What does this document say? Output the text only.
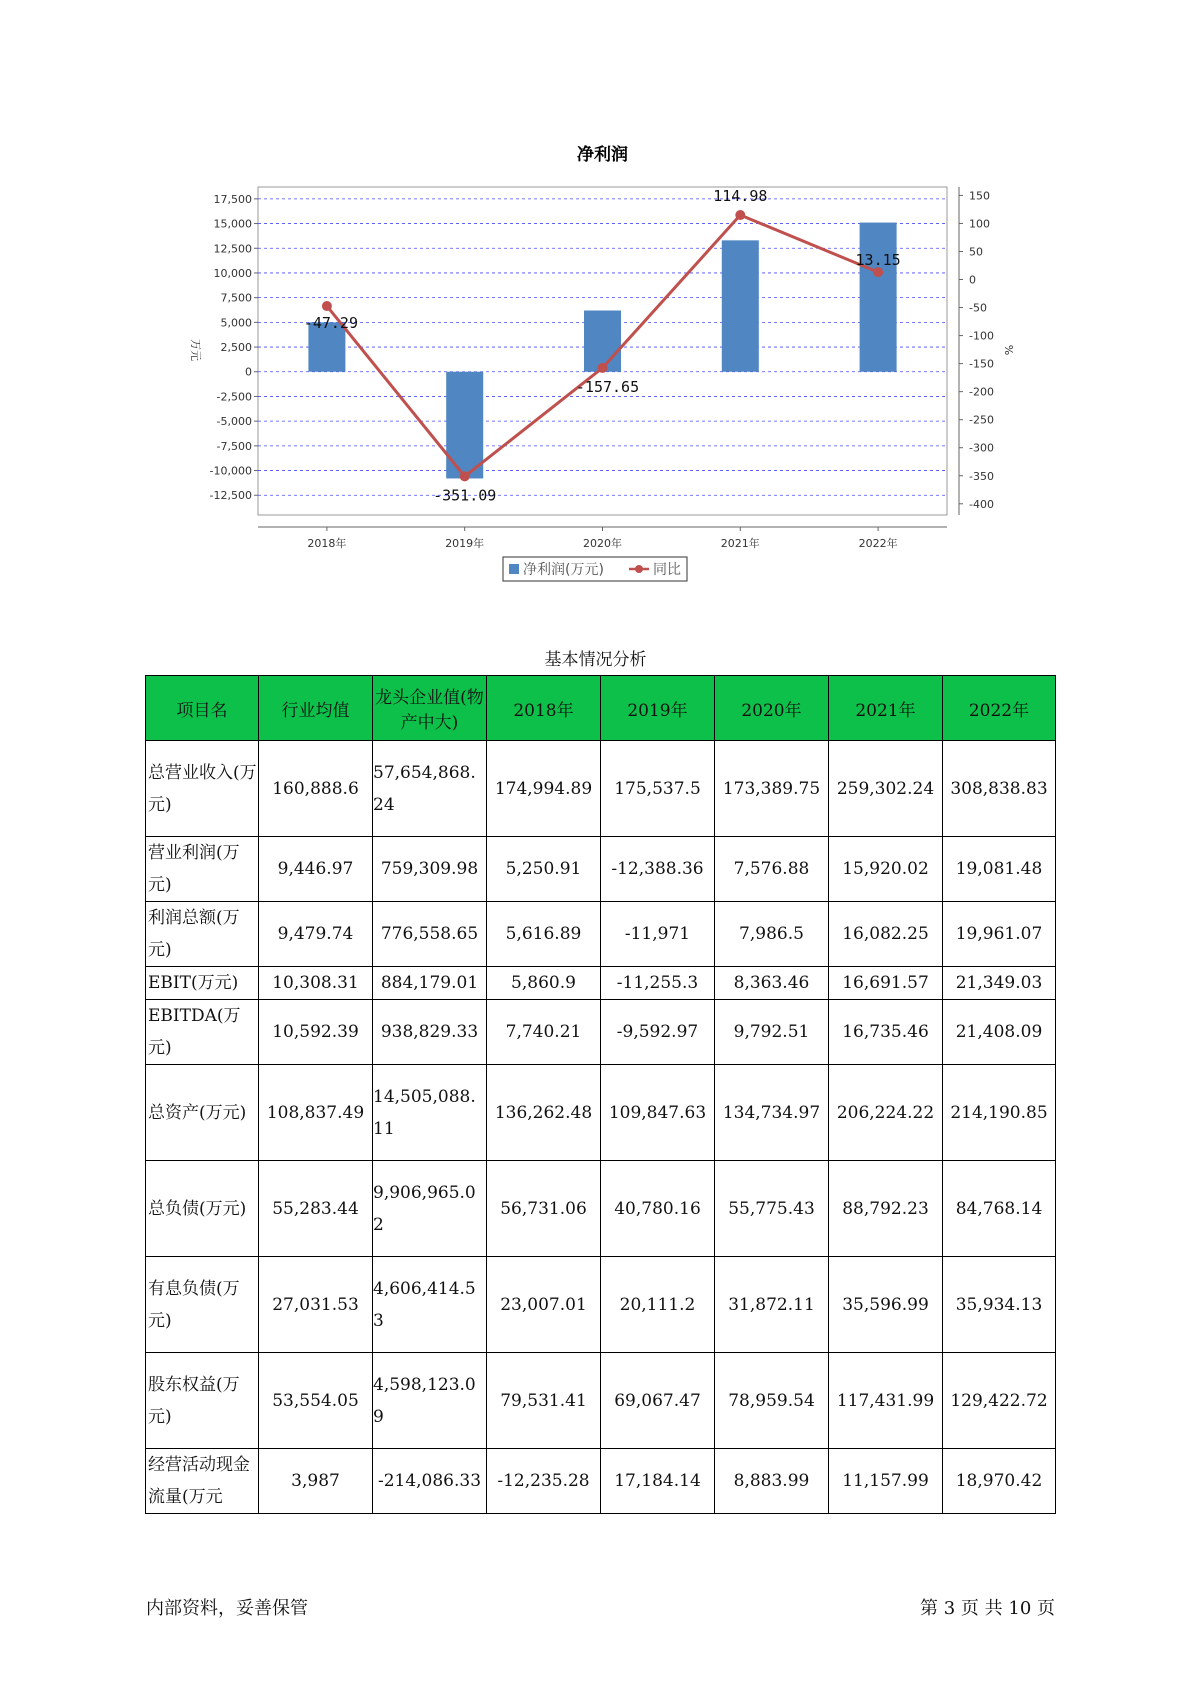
净利润
17,500
15,000
12,500
10,000
7,500
5,000
2,500
0
-2,500
-5,000
-7,500
-10,000
-12,500
150
100
50
0
-50
-100
-150
-200
-250
-300
-350
-400
万元	%
2018年	2019年	2020年	2021年	2022年
-47.29
-351.09
-157.65
114.98
13.15
净利润(万元)	同比
基本情况分析
项目名	行业均值	龙头企业值(物产中大)	2018年	2019年	2020年	2021年	2022年
总营业收入(万元)	160,888.6	57,654,868.24	174,994.89	175,537.5	173,389.75	259,302.24	308,838.83
营业利润(万元)	9,446.97	759,309.98	5,250.91	-12,388.36	7,576.88	15,920.02	19,081.48
利润总额(万元)	9,479.74	776,558.65	5,616.89	-11,971	7,986.5	16,082.25	19,961.07
EBIT(万元)	10,308.31	884,179.01	5,860.9	-11,255.3	8,363.46	16,691.57	21,349.03
EBITDA(万元)	10,592.39	938,829.33	7,740.21	-9,592.97	9,792.51	16,735.46	21,408.09
总资产(万元)	108,837.49	14,505,088.11	136,262.48	109,847.63	134,734.97	206,224.22	214,190.85
总负债(万元)	55,283.44	9,906,965.02	56,731.06	40,780.16	55,775.43	88,792.23	84,768.14
有息负债(万元)	27,031.53	4,606,414.53	23,007.01	20,111.2	31,872.11	35,596.99	35,934.13
股东权益(万元)	53,554.05	4,598,123.09	79,531.41	69,067.47	78,959.54	117,431.99	129,422.72
经营活动现金流量(万元	3,987	-214,086.33	-12,235.28	17,184.14	8,883.99	11,157.99	18,970.42
内部资料，妥善保管	第 3 页 共 10 页
